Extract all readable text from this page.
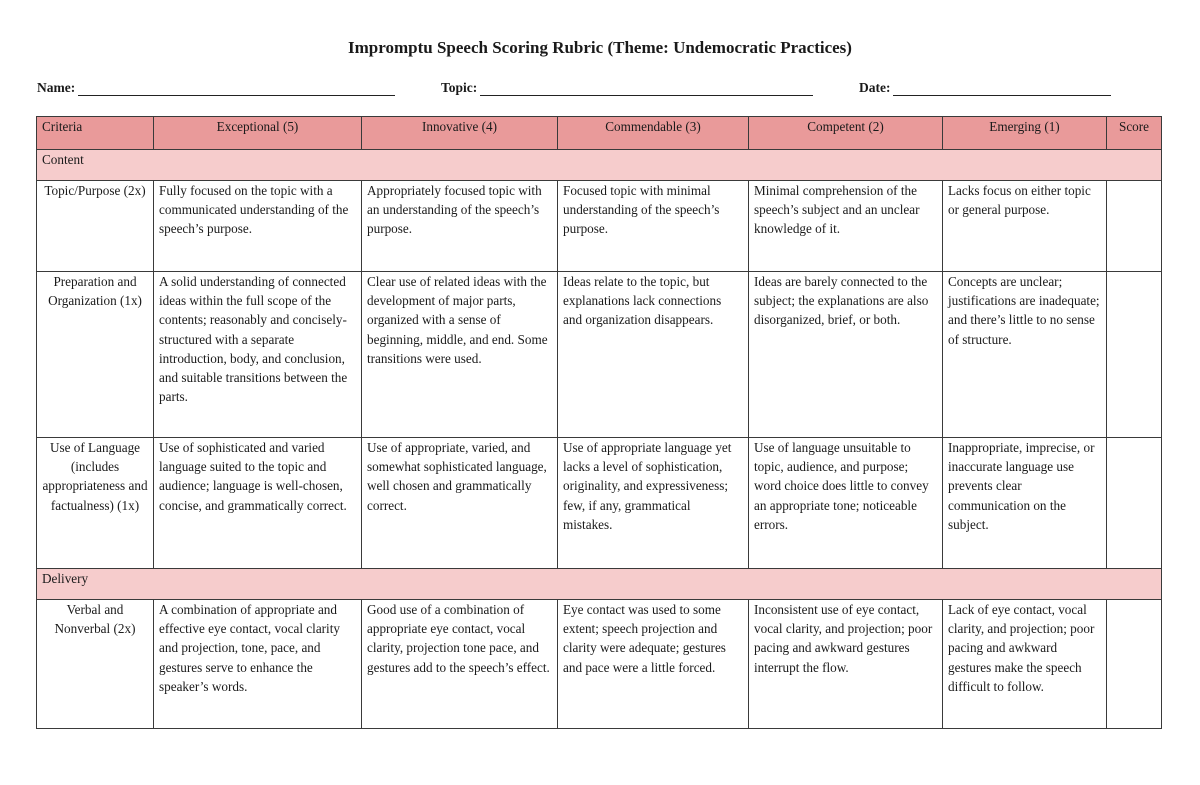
Impromptu Speech Scoring Rubric (Theme: Undemocratic Practices)
Name:	Topic:	Date:
Criteria	Exceptional (5)	Innovative (4)	Commendable (3)	Competent (2)	Emerging (1)	Score
Content						
Topic/Purpose (2x)	Fully focused on the topic with a communicated understanding of the speech’s purpose.	Appropriately focused topic with an understanding of the speech’s purpose.	Focused topic with minimal understanding of the speech’s purpose.	Minimal comprehension of the speech’s subject and an unclear knowledge of it.	Lacks focus on either topic or general purpose.	
Preparation and Organization (1x)	A solid understanding of connected ideas within the full scope of the contents; reasonably and concisely-structured with a separate introduction, body, and conclusion, and suitable transitions between the parts.	Clear use of related ideas with the development of major parts, organized with a sense of beginning, middle, and end. Some transitions were used.	Ideas relate to the topic, but explanations lack connections and organization disappears.	Ideas are barely connected to the subject; the explanations are also disorganized, brief, or both.	Concepts are unclear; justifications are inadequate; and there’s little to no sense of structure.	
Use of Language (includes appropriateness and factualness) (1x)	Use of sophisticated and varied language suited to the topic and audience; language is well-chosen, concise, and grammatically correct.	Use of appropriate, varied, and somewhat sophisticated language, well chosen and grammatically correct.	Use of appropriate language yet lacks a level of sophistication, originality, and expressiveness; few, if any, grammatical mistakes.	Use of language unsuitable to topic, audience, and purpose; word choice does little to convey an appropriate tone; noticeable errors.	Inappropriate, imprecise, or inaccurate language use prevents clear communication on the subject.	
Delivery						
Verbal and Nonverbal (2x)	A combination of appropriate and effective eye contact, vocal clarity and projection, tone, pace, and gestures serve to enhance the speaker’s words.	Good use of a combination of appropriate eye contact, vocal clarity, projection tone pace, and gestures add to the speech’s effect.	Eye contact was used to some extent; speech projection and clarity were adequate; gestures and pace were a little forced.	Inconsistent use of eye contact, vocal clarity, and projection; poor pacing and awkward gestures interrupt the flow.	Lack of eye contact, vocal clarity, and projection; poor pacing and awkward gestures make the speech difficult to follow.	
